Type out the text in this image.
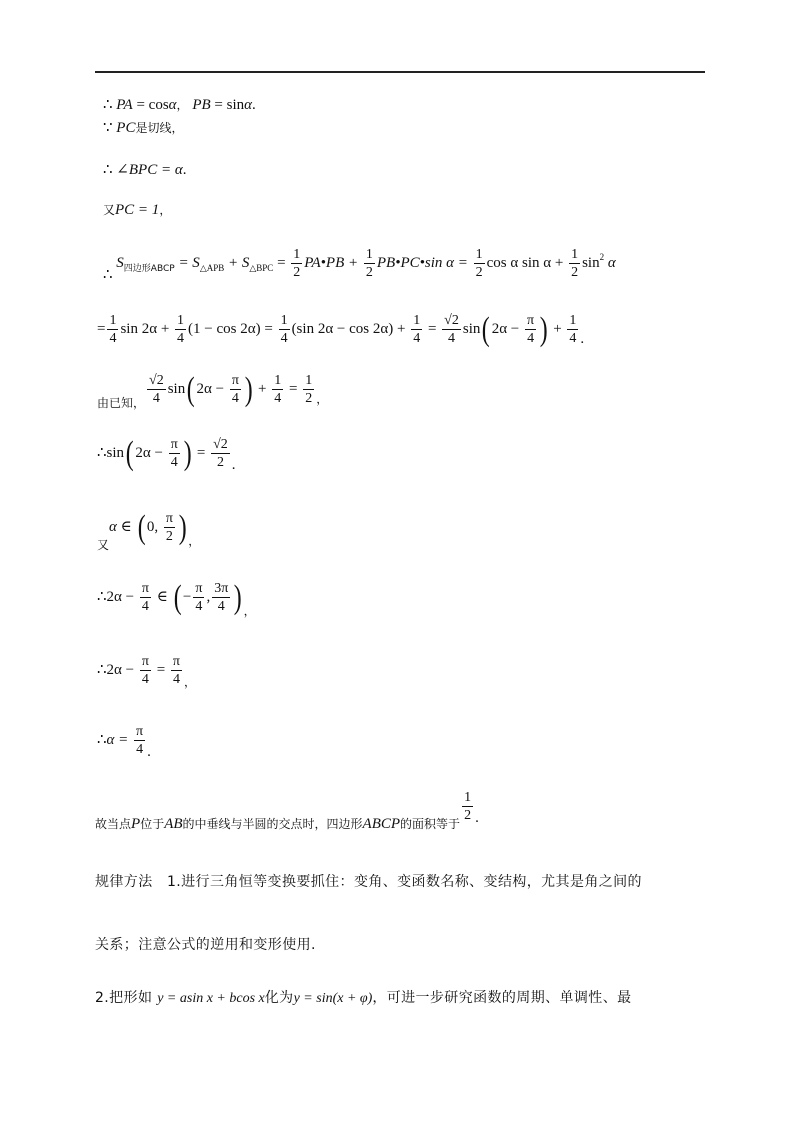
∴ PA = cosα， PB = sinα.
∵ PC是切线，
∴ ∠BPC = α.
又PC = 1，
∴ $S_{四边形ABCP} = S_{\triangle APB} + S_{\triangle BPC} = \frac{1}{2}$ PA•PB + $\frac{1}{2}$ PB•PC•sin $\alpha = \frac{1}{2}$ cos α $\sin \alpha + \frac{1}{2} \sin^2 \alpha$
= $\frac{1}{4}$ $\sin 2\alpha + \frac{1}{4} (1 - \cos 2\alpha) = \frac{1}{4} (\sin$ $2\alpha - \cos 2\alpha) + \frac{1}{4} = \frac{√2}{4} \sin$( $2\alpha - \frac{\pi}{4}$ ) + $\frac{1}{4}$ .
$_{由已知,} \frac{√2}{4} \sin$( $2\alpha - \frac{\pi}{4}$ ) + $\frac{1}{4} = \frac{1}{2} _,$
∴sin( $2\alpha - \frac{\pi}{4}$ ) = $\frac{√2}{2}$ .
$_又$α ∈ ( 0, $\frac{\pi}{2}$ ) $_,$
∴2α − $\frac{\pi}{4}$ ∈ ( − $\frac{\pi}{4}$ , $\frac{3\pi}{4}$ ) $_,$
∴2α − $\frac{\pi}{4} = \frac{\pi}{4} _,$
∴α = $\frac{\pi}{4}$ .
$_{故当点}P_{位于}AB_{的中垂线与半圆的交点时,四边形}ABCP_{的面积等于} \frac{1}{2}$ .
规律方法　1.进行三角恒等变换要抓住：变角、变函数名称、变结构，尤其是角之间的
关系；注意公式的逆用和变形使用.
2.把形如 y = asin x + bcos x化为y = sin(x + φ)，可进一步研究函数的周期、单调性、最
